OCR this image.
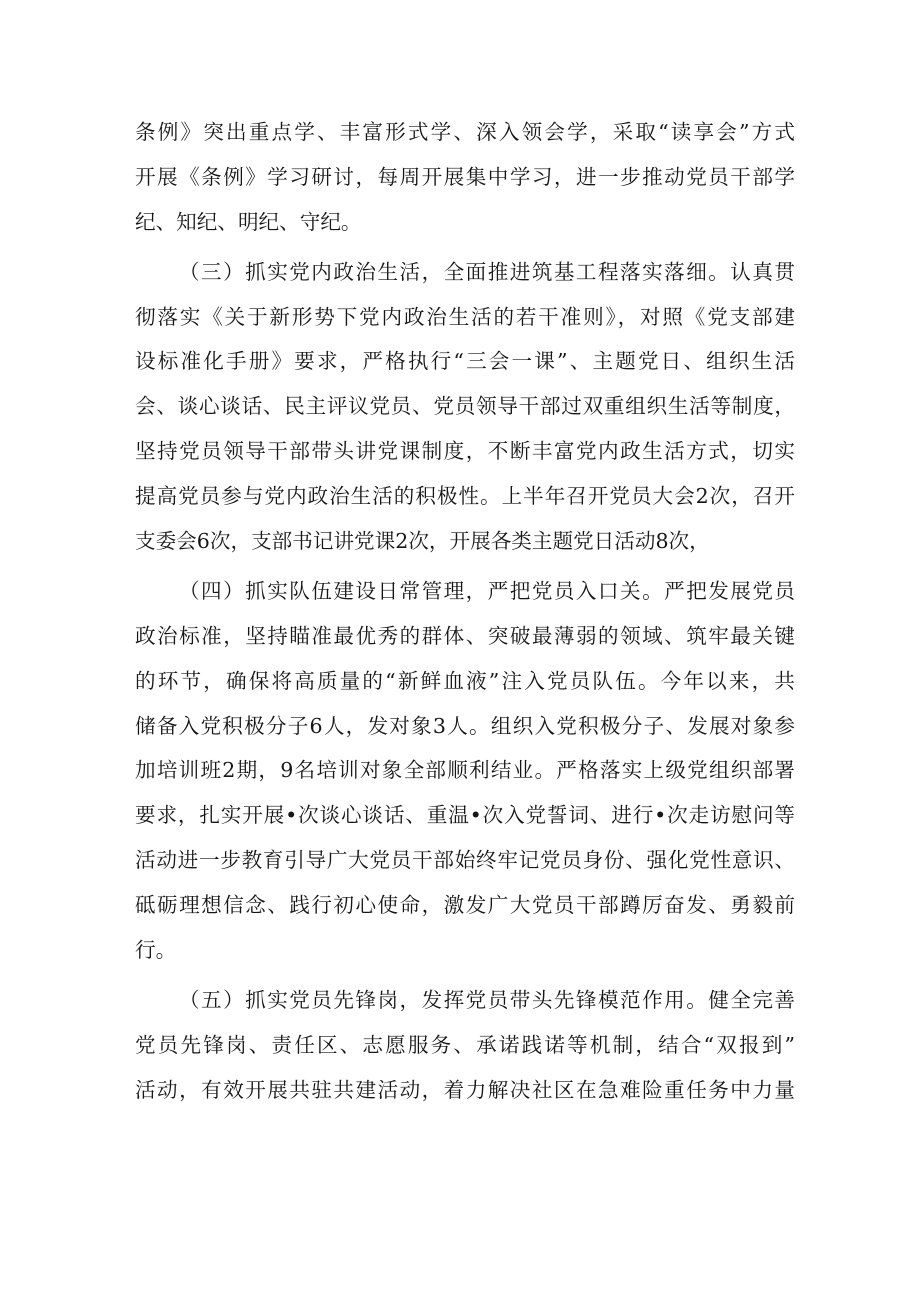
条例》突出重点学、丰富形式学、深入领会学，采取“读享会”方式
开展《条例》学习研讨，每周开展集中学习，进一步推动党员干部学
纪、知纪、明纪、守纪。
（三）抓实党内政治生活，全面推进筑基工程落实落细。认真贯
彻落实《关于新形势下党内政治生活的若干准则》，对照《党支部建
设标准化手册》要求，严格执行“三会一课”、主题党日、组织生活
会、谈心谈话、民主评议党员、党员领导干部过双重组织生活等制度，
坚持党员领导干部带头讲党课制度，不断丰富党内政生活方式，切实
提高党员参与党内政治生活的积极性。上半年召开党员大会2次，召开
支委会6次，支部书记讲党课2次，开展各类主题党日活动8次，
（四）抓实队伍建设日常管理，严把党员入口关。严把发展党员
政治标准，坚持瞄准最优秀的群体、突破最薄弱的领域、筑牢最关键
的环节，确保将高质量的“新鲜血液”注入党员队伍。今年以来，共
储备入党积极分子6人，发对象3人。组织入党积极分子、发展对象参
加培训班2期，9名培训对象全部顺利结业。严格落实上级党组织部署
要求，扎实开展•次谈心谈话、重温•次入党誓词、进行•次走访慰问等
活动进一步教育引导广大党员干部始终牢记党员身份、强化党性意识、
砥砺理想信念、践行初心使命，激发广大党员干部蹲厉奋发、勇毅前
行。
（五）抓实党员先锋岗，发挥党员带头先锋模范作用。健全完善
党员先锋岗、责任区、志愿服务、承诺践诺等机制，结合“双报到”
活动，有效开展共驻共建活动，着力解决社区在急难险重任务中力量
